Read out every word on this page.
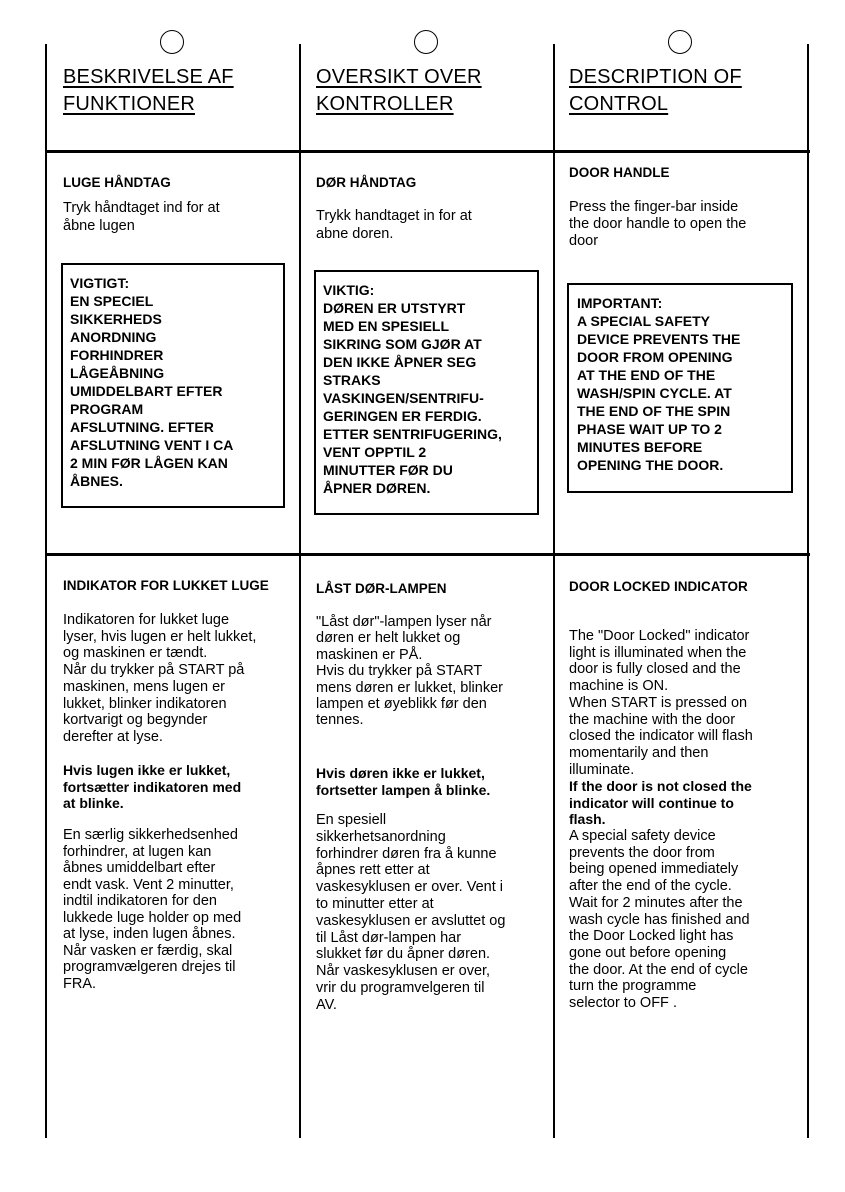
BESKRIVELSE AF
FUNKTIONER
LUGE HÅNDTAG
Tryk håndtaget ind for at
åbne lugen
VIGTIGT:
EN SPECIEL
SIKKERHEDS
ANORDNING
FORHINDRER
LÅGEÅBNING
UMIDDELBART EFTER
PROGRAM
AFSLUTNING. EFTER
AFSLUTNING VENT I CA
2 MIN FØR LÅGEN KAN
ÅBNES.
INDIKATOR FOR LUKKET LUGE
Indikatoren for lukket luge
lyser, hvis lugen er helt lukket,
og maskinen er tændt.
Når du trykker på START på
maskinen, mens lugen er
lukket, blinker indikatoren
kortvarigt og begynder
derefter at lyse.
Hvis lugen ikke er lukket,
fortsætter indikatoren med
at blinke.
En særlig sikkerhedsenhed
forhindrer, at lugen kan
åbnes umiddelbart efter
endt vask. Vent 2 minutter,
indtil indikatoren for den
lukkede luge holder op med
at lyse, inden lugen åbnes.
Når vasken er færdig, skal
programvælgeren drejes til
FRA.
OVERSIKT OVER
KONTROLLER
DØR HÅNDTAG
Trykk handtaget in for at
abne doren.
VIKTIG:
DØREN ER UTSTYRT
MED EN SPESIELL
SIKRING SOM GJØR AT
DEN IKKE ÅPNER SEG
STRAKS
VASKINGEN/SENTRIFU-
GERINGEN ER FERDIG.
ETTER SENTRIFUGERING,
VENT OPPTIL 2
MINUTTER FØR DU
ÅPNER DØREN.
LÅST DØR-LAMPEN
"Låst dør"-lampen lyser når
døren er helt lukket og
maskinen er PÅ.
Hvis du trykker på START
mens døren er lukket, blinker
lampen et øyeblikk før den
tennes.
Hvis døren ikke er lukket,
fortsetter lampen å blinke.
En spesiell
sikkerhetsanordning
forhindrer døren fra å kunne
åpnes rett etter at
vaskesyklusen er over. Vent i
to minutter etter at
vaskesyklusen er avsluttet og
til Låst dør-lampen har
slukket før du åpner døren.
Når vaskesyklusen er over,
vrir du programvelgeren til
AV.
DESCRIPTION OF
CONTROL
DOOR HANDLE
Press the finger-bar inside
the door handle to open the
door
IMPORTANT:
A SPECIAL SAFETY
DEVICE PREVENTS THE
DOOR FROM OPENING
AT THE END OF THE
WASH/SPIN CYCLE. AT
THE END OF THE SPIN
PHASE WAIT UP TO 2
MINUTES BEFORE
OPENING THE DOOR.
DOOR LOCKED INDICATOR
The "Door Locked" indicator
light is illuminated when the
door is fully closed and the
machine is ON.
When START is pressed on
the machine with the door
closed the indicator will flash
momentarily and then
illuminate.
If the door is not closed the
indicator will continue to
flash.
A special safety device
prevents the door from
being opened immediately
after the end of the cycle.
Wait for 2 minutes after the
wash cycle has finished and
the Door Locked light has
gone out before opening
the door. At the end of cycle
turn the programme
selector to OFF .
